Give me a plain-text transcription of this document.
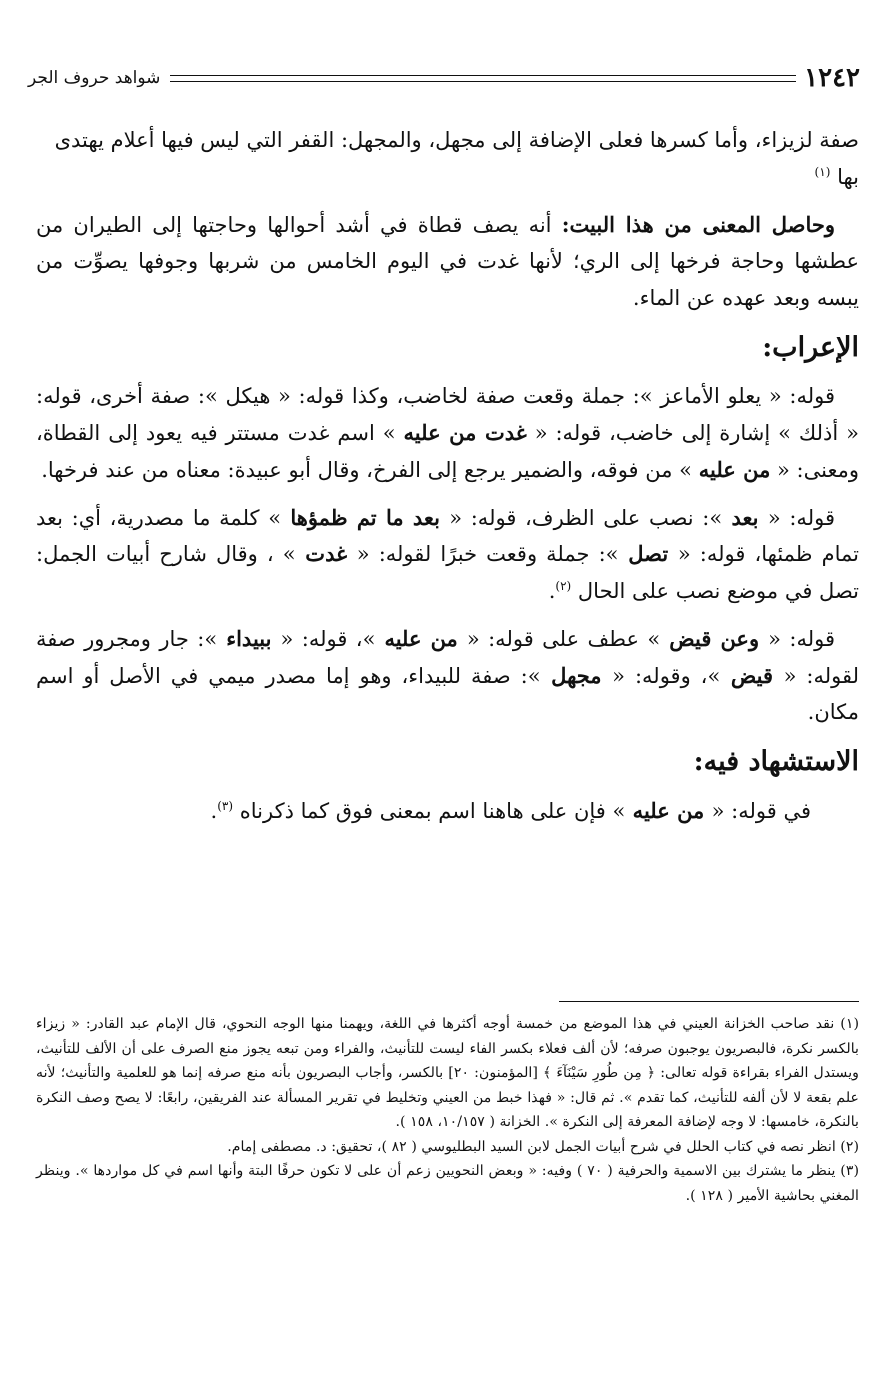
١٢٤٢
شواهد حروف الجر

صفة لزيزاء، وأما كسرها فعلى الإضافة إلى مجهل، والمجهل: القفر التي ليس فيها أعلام يهتدى بها $^{(١)}$

وحاصل المعنى من هذا البيت: أنه يصف قطاة في أشد أحوالها وحاجتها إلى الطيران من عطشها وحاجة فرخها إلى الري؛ لأنها غدت في اليوم الخامس من شربها وجوفها يصوِّت من يبسه وبعد عهده عن الماء.

الإعراب:

قوله: « يعلو الأماعز »: جملة وقعت صفة لخاضب، وكذا قوله: « هيكل »: صفة أخرى، قوله: « أذلك » إشارة إلى خاضب، قوله: « غدت من عليه » اسم غدت مستتر فيه يعود إلى القطاة، ومعنى: « من عليه » من فوقه، والضمير يرجع إلى الفرخ، وقال أبو عبيدة: معناه من عند فرخها.

قوله: « بعد »: نصب على الظرف، قوله: « بعد ما تم ظمؤها » كلمة ما مصدرية، أي: بعد تمام ظمئها، قوله: « تصل »: جملة وقعت خبرًا لقوله: « غدت » ، وقال شارح أبيات الجمل: تصل في موضع نصب على الحال $^{(٢)}$.

قوله: « وعن قيض » عطف على قوله: « من عليه »، قوله: « ببيداء »: جار ومجرور صفة لقوله: « قيض »، وقوله: « مجهل »: صفة للبيداء، وهو إما مصدر ميمي في الأصل أو اسم مكان.

الاستشهاد فيه:

في قوله: « من عليه » فإن على هاهنا اسم بمعنى فوق كما ذكرناه $^{(٣)}$.

(١) نقد صاحب الخزانة العيني في هذا الموضع من خمسة أوجه أكثرها في اللغة، ويهمنا منها الوجه النحوي، قال الإمام عبد القادر: « زيزاء بالكسر نكرة، فالبصريون يوجبون صرفه؛ لأن ألف فعلاء بكسر الفاء ليست للتأنيث، والفراء ومن تبعه يجوز منع الصرف على أن الألف للتأنيث، ويستدل الفراء بقراءة قوله تعالى: ﴿ مِن طُورِ سَيْنَآءَ ﴾ [المؤمنون: ٢٠] بالكسر، وأجاب البصريون بأنه منع صرفه إنما هو للعلمية والتأنيث؛ لأنه علم بقعة لا لأن ألفه للتأنيث، كما تقدم ». ثم قال: « فهذا خبط من العيني وتخليط في تقرير المسألة عند الفريقين، رابعًا: لا يصح وصف النكرة بالنكرة، خامسها: لا وجه لإضافة المعرفة إلى النكرة ». الخزانة ( ١٠/١٥٧، ١٥٨ ).

(٢) انظر نصه في كتاب الحلل في شرح أبيات الجمل لابن السيد البطليوسي ( ٨٢ )، تحقيق: د. مصطفى إمام.

(٣) ينظر ما يشترك بين الاسمية والحرفية ( ٧٠ ) وفيه: « وبعض النحويين زعم أن على لا تكون حرفًا البتة وأنها اسم في كل مواردها ». وينظر المغني بحاشية الأمير ( ١٢٨ ).
